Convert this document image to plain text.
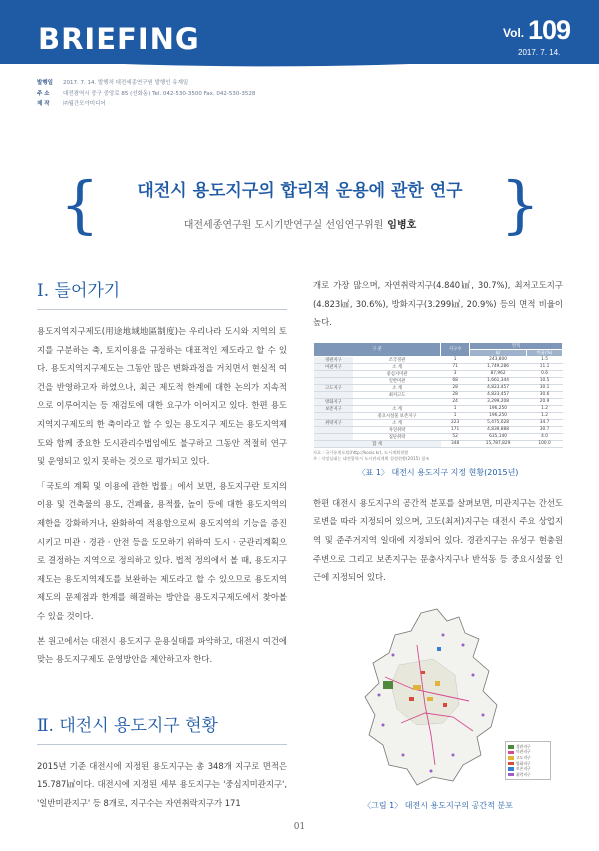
BRIEFING	Vol. 109
2017. 7. 14.
발행일 2017. 7. 14. 발행처 대전세종연구원 발행인 유재일
주 소 대전광역시 중구 중앙로 85 (선화동) Tel. 042-530-3500 Fax. 042-530-3528
제 작 ㈜월간모아미디어
{	}
대전시 용도지구의 합리적 운용에 관한 연구
대전세종연구원 도시기반연구실 선임연구위원 임병호
Ⅰ. 들어가기

용도지역지구제도(用途地域地區制度)는 우리나라 도시와 지역의 토지를 구분하는 축, 토지이용을 규정하는 대표적인 제도라고 할 수 있다. 용도지역지구제도는 그동안 많은 변화과정을 거치면서 현실적 여건을 반영하고자 하였으나, 최근 제도적 한계에 대한 논의가 지속적으로 이루어지는 등 재검토에 대한 요구가 이어지고 있다. 한편 용도지역지구제도의 한 축이라고 할 수 있는 용도지구 제도는 용도지역제도와 함께 중요한 도시관리수법임에도 불구하고 그동안 적절히 연구 및 운영되고 있지 못하는 것으로 평가되고 있다.

「국토의 계획 및 이용에 관한 법률」에서 보면, 용도지구란 토지의 이용 및 건축물의 용도, 건폐율, 용적률, 높이 등에 대한 용도지역의 제한을 강화하거나, 완화하여 적용함으로써 용도지역의 기능을 증진시키고 미관 · 경관 · 안전 등을 도모하기 위하여 도시 · 군관리계획으로 결정하는 지역으로 정의하고 있다. 법적 정의에서 볼 때, 용도지구제도는 용도지역제도를 보완하는 제도라고 할 수 있으므로 용도지역제도의 문제점과 한계를 해결하는 방안을 용도지구제도에서 찾아볼 수 있을 것이다.

본 원고에서는 대전시 용도지구 운용실태를 파악하고, 대전시 여건에 맞는 용도지구제도 운영방안을 제안하고자 한다.

Ⅱ. 대전시 용도지구 현황

2015년 기준 대전시에 지정된 용도지구는 총 348개 지구로 면적은 15.787㎢이다. 대전시에 지정된 세부 용도지구는 '중심지미관지구', '일반미관지구' 등 8개로, 지구수는 자연취락지구가 171

개로 가장 많으며, 자연취락지구(4.840㎢, 30.7%), 최저고도지구(4.823㎢, 30.6%), 방화지구(3.299㎢, 20.9%) 등의 면적 비율이 높다.

구 분		지구수	면적	
			㎢	비율(%)
경관지구	조국경관	1	243,800	1.5
미관지구	소 계	71	1,749,286	11.1
	중심지미관	3	87,962	0.6
	일반미관	68	1,661,344	10.5
고도지구	소 계	28	4,823,457	30.1
	최저고도	28	4,823,457	30.6
방화지구		24	3,299,208	20.9
보존지구	소 계	1	196,250	1.2
	중요시설물 보존지구	1	196,250	1.2
취락지구	소 계	223	5,475,028	34.7
	자연취락	171	4,839,888	30.7
	집단취락	52	635,140	4.0
합 계		348	15,787,829	100.0
자료 : 국가통계포털(http://kosis.kr), 도시계획현황
주 : 지정실태는 대전광역시 도시관리계획 결정현황(2015) 참조
〈표 1〉 대전시 용도지구 지정 현황(2015년)

한편 대전시 용도지구의 공간적 분포를 살펴보면, 미관지구는 간선도로변을 따라 지정되어 있으며, 고도(최저)지구는 대전시 주요 상업지역 및 준주거지역 일대에 지정되어 있다. 경관지구는 유성구 현충원 주변으로 그리고 보존지구는 문충사지구나 반석동 등 중요시설물 인근에 지정되어 있다.

경관지구
미관지구
고도지구
방화지구
보존지구
취락지구
〈그림 1〉 대전시 용도지구의 공간적 분포
01
